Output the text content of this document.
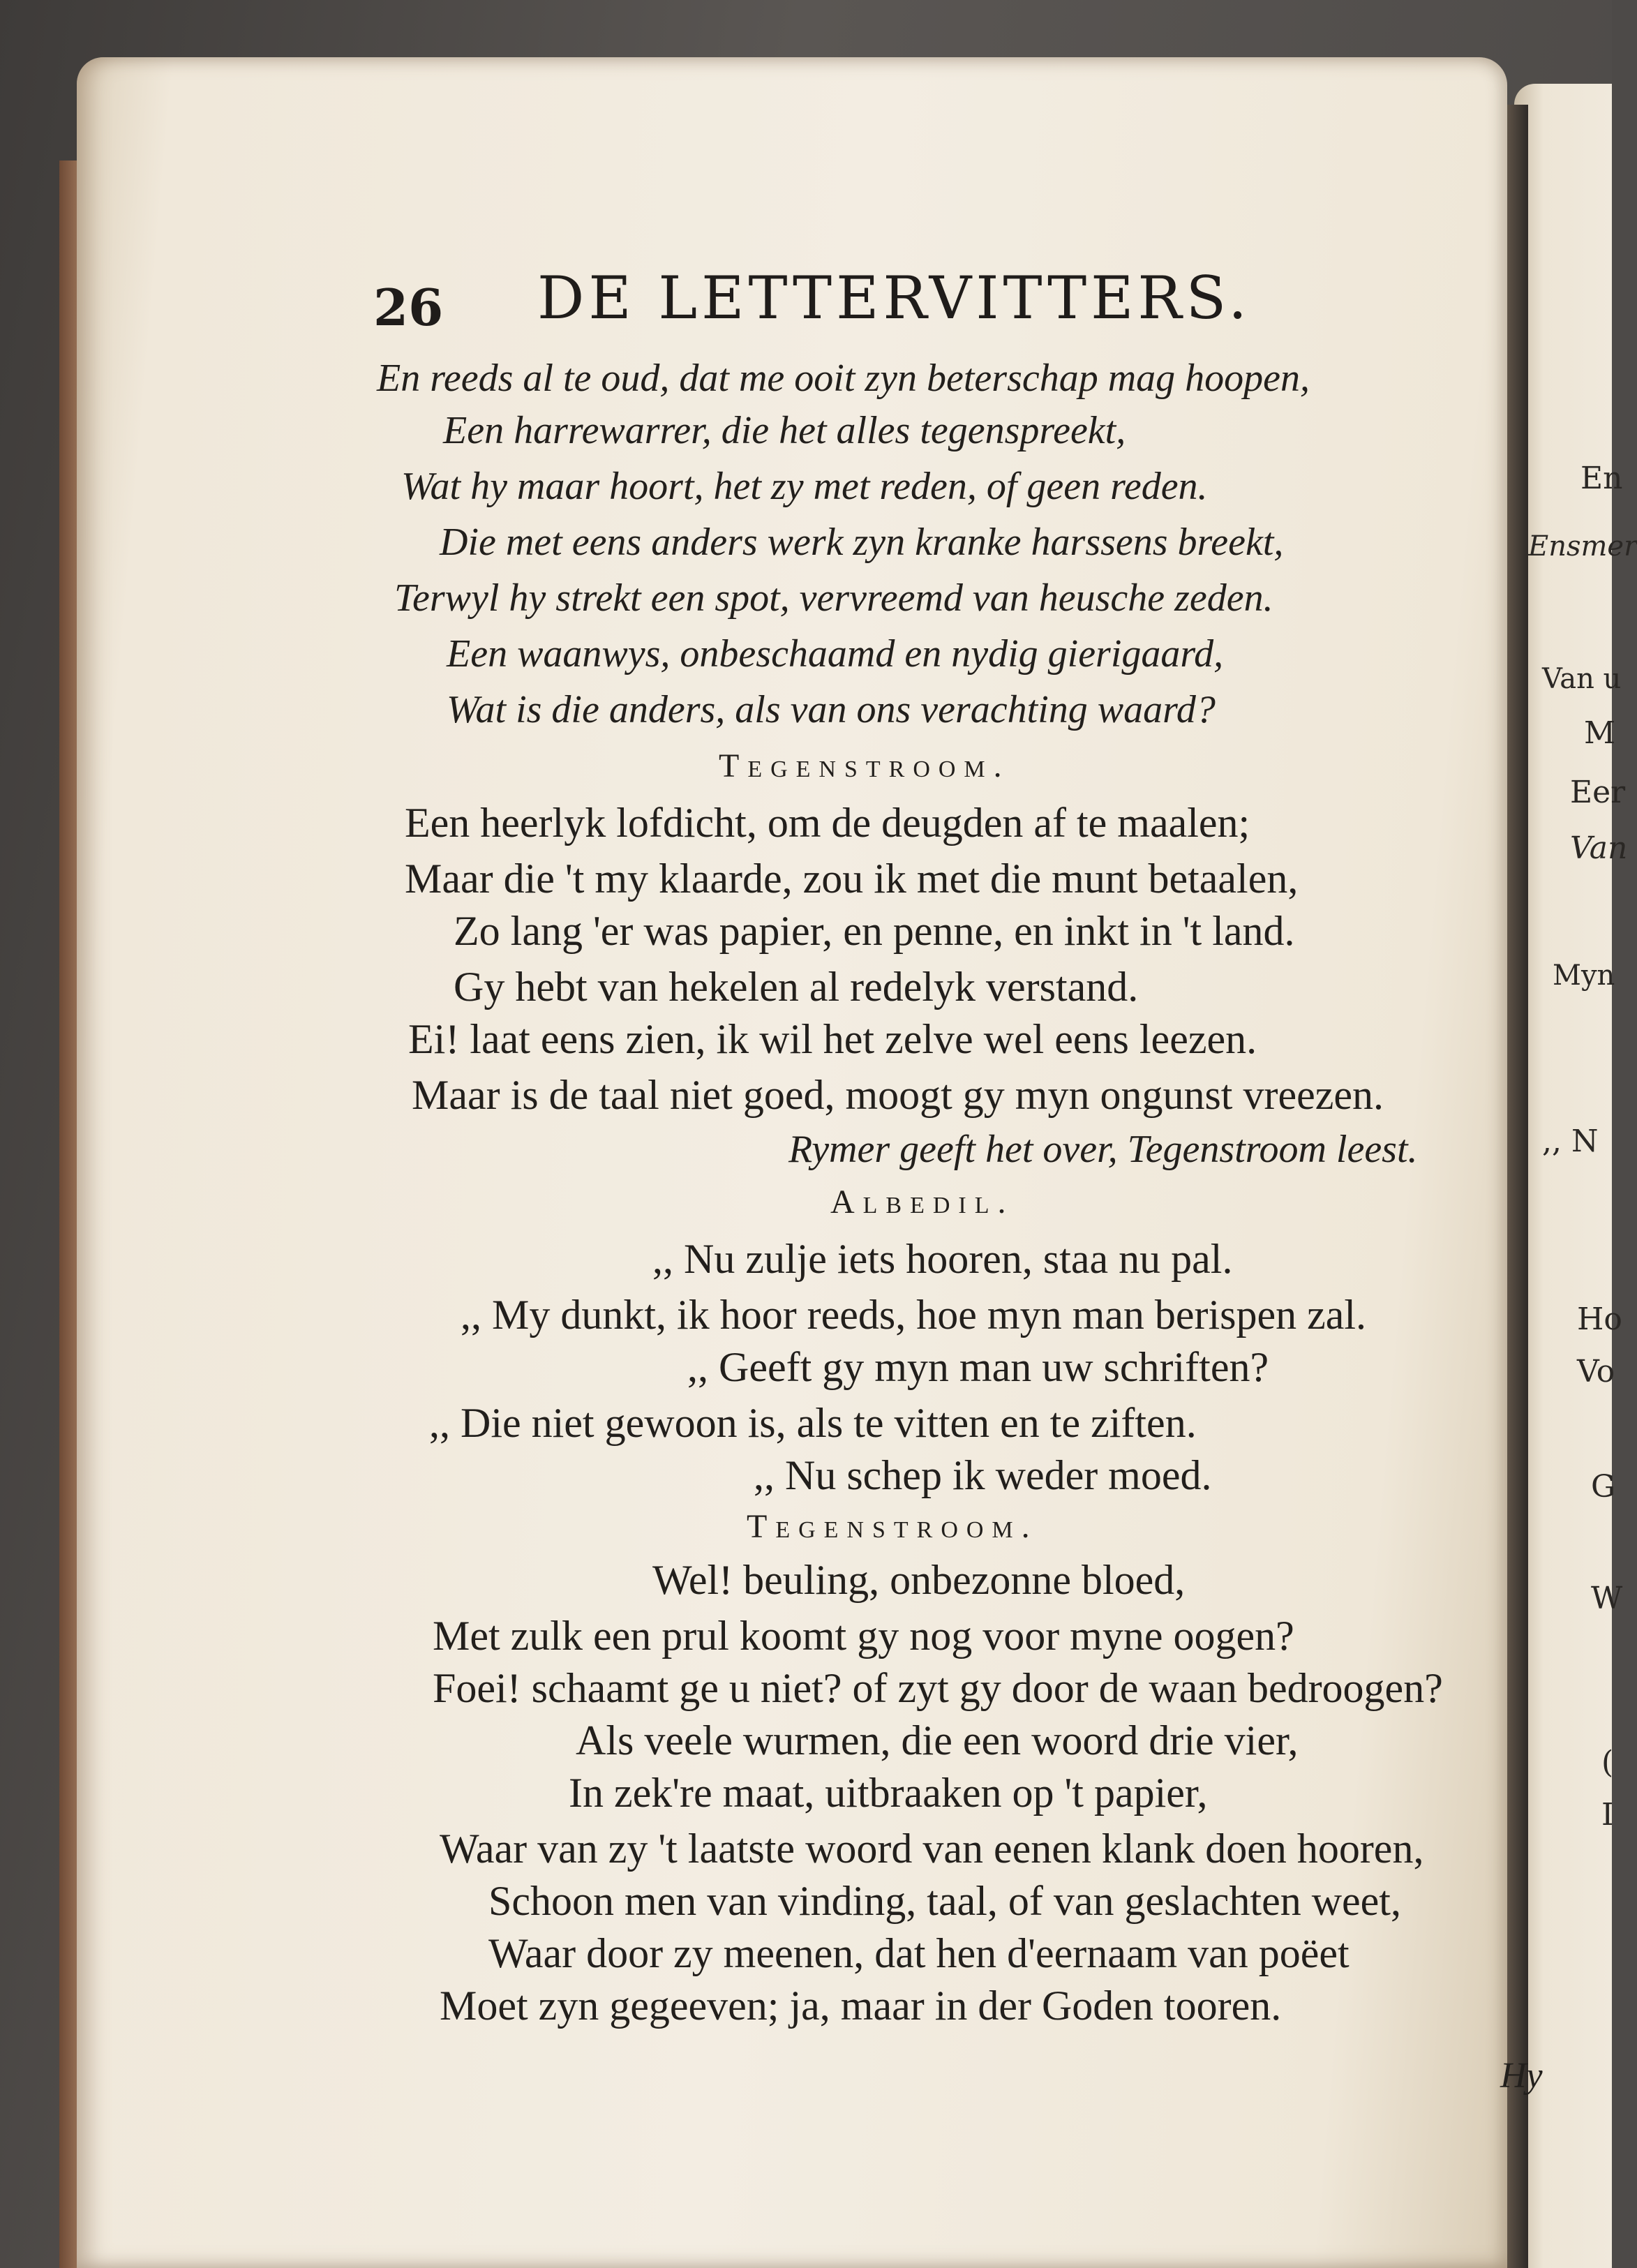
En
Ensmer
Van u
M
Eer
Van
Myn
,, N
Ho
Vo
G
W
(
I
26 DE LETTERVITTERS.
En reeds al te oud, dat me ooit zyn beterschap mag hoopen,
Een harrewarrer, die het alles tegenspreekt,
Wat hy maar hoort, het zy met reden, of geen reden.
Die met eens anders werk zyn kranke harssens breekt,
Terwyl hy strekt een spot, vervreemd van heusche zeden.
Een waanwys, onbeschaamd en nydig gierigaard,
Wat is die anders, als van ons verachting waard?
Tegenstroom.
Een heerlyk lofdicht, om de deugden af te maalen;
Maar die 't my klaarde, zou ik met die munt betaalen,
Zo lang 'er was papier, en penne, en inkt in 't land.
Gy hebt van hekelen al redelyk verstand.
Ei! laat eens zien, ik wil het zelve wel eens leezen.
Maar is de taal niet goed, moogt gy myn ongunst vreezen.
Rymer geeft het over, Tegenstroom leest.
Albedil.
,, Nu zulje iets hooren, staa nu pal.
,, My dunkt, ik hoor reeds, hoe myn man berispen zal.
,, Geeft gy myn man uw schriften?
,, Die niet gewoon is, als te vitten en te ziften.
,, Nu schep ik weder moed.
Tegenstroom.
Wel! beuling, onbezonne bloed,
Met zulk een prul koomt gy nog voor myne oogen?
Foei! schaamt ge u niet? of zyt gy door de waan bedroogen?
Als veele wurmen, die een woord drie vier,
In zek're maat, uitbraaken op 't papier,
Waar van zy 't laatste woord van eenen klank doen hooren,
Schoon men van vinding, taal, of van geslachten weet,
Waar door zy meenen, dat hen d'eernaam van poëet
Moet zyn gegeeven; ja, maar in der Goden tooren.
Hy
